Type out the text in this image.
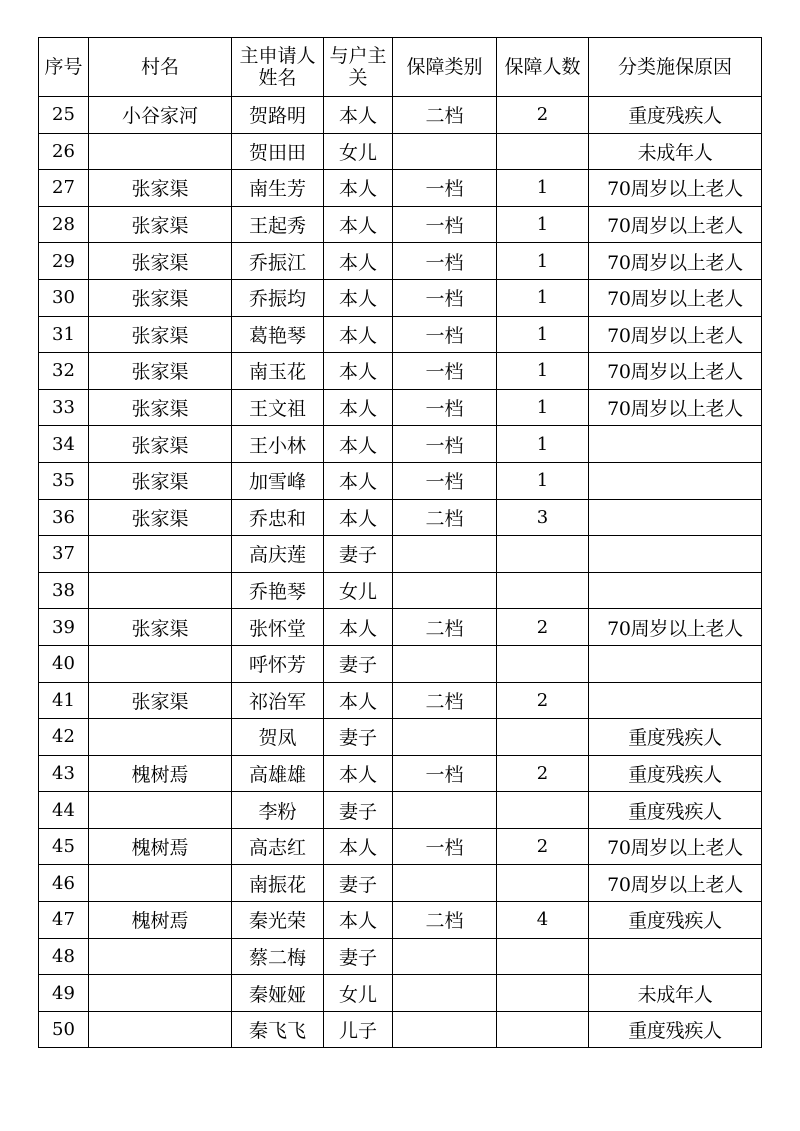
序号	村名	主申请人姓名	与户主关	保障类别	保障人数	分类施保原因
25	小谷家河	贺路明	本人	二档	2	重度残疾人
26		贺田田	女儿			未成年人
27	张家渠	南生芳	本人	一档	1	70周岁以上老人
28	张家渠	王起秀	本人	一档	1	70周岁以上老人
29	张家渠	乔振江	本人	一档	1	70周岁以上老人
30	张家渠	乔振均	本人	一档	1	70周岁以上老人
31	张家渠	葛艳琴	本人	一档	1	70周岁以上老人
32	张家渠	南玉花	本人	一档	1	70周岁以上老人
33	张家渠	王文祖	本人	一档	1	70周岁以上老人
34	张家渠	王小林	本人	一档	1	
35	张家渠	加雪峰	本人	一档	1	
36	张家渠	乔忠和	本人	二档	3	
37		高庆莲	妻子			
38		乔艳琴	女儿			
39	张家渠	张怀堂	本人	二档	2	70周岁以上老人
40		呼怀芳	妻子			
41	张家渠	祁治军	本人	二档	2	
42		贺凤	妻子			重度残疾人
43	槐树焉	高雄雄	本人	一档	2	重度残疾人
44		李粉	妻子			重度残疾人
45	槐树焉	高志红	本人	一档	2	70周岁以上老人
46		南振花	妻子			70周岁以上老人
47	槐树焉	秦光荣	本人	二档	4	重度残疾人
48		蔡二梅	妻子			
49		秦娅娅	女儿			未成年人
50		秦飞飞	儿子			重度残疾人
